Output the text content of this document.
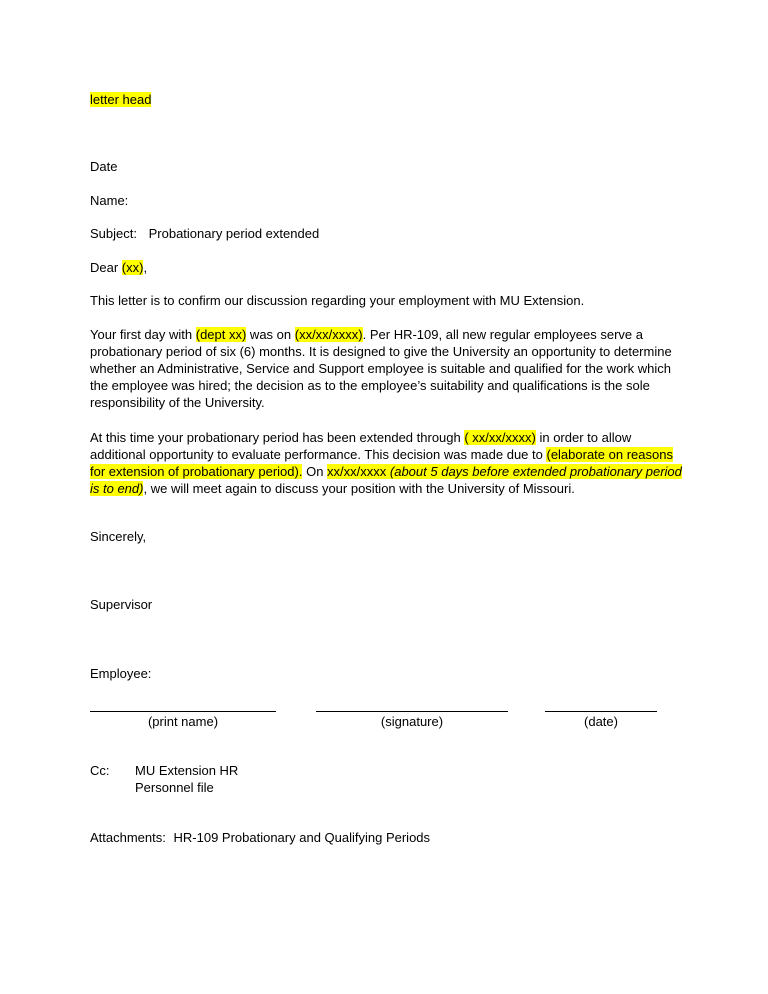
letter head
Date
Name:
Subject: Probationary period extended
Dear (xx),

This letter is to confirm our discussion regarding your employment with MU Extension.

Your first day with (dept xx) was on (xx/xx/xxxx). Per HR-109, all new regular employees serve a probationary period of six (6) months. It is designed to give the University an opportunity to determine whether an Administrative, Service and Support employee is suitable and qualified for the work which the employee was hired; the decision as to the employee’s suitability and qualifications is the sole responsibility of the University.

At this time your probationary period has been extended through ( xx/xx/xxxx) in order to allow additional opportunity to evaluate performance. This decision was made due to (elaborate on reasons for extension of probationary period). On xx/xx/xxxx (about 5 days before extended probationary period is to end), we will meet again to discuss your position with the University of Missouri.

Sincerely,
Supervisor
Employee:
(print name)	(signature)	(date)
Cc: MU Extension HR
Personnel file
Attachments: HR-109 Probationary and Qualifying Periods
